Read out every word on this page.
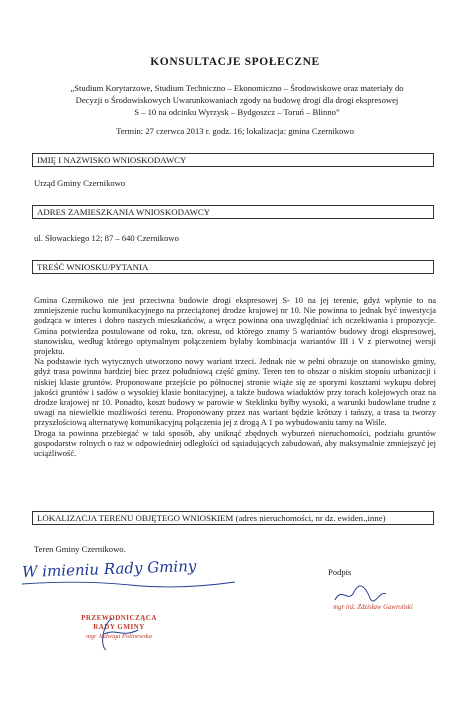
KONSULTACJE SPOŁECZNE
„Studium Korytarzowe, Studium Techniczno – Ekonomiczno – Środowiskowe oraz materiały do
Decyzji o Środowiskowych Uwarunkowaniach zgody na budowę drogi dla drogi ekspresowej
S – 10 na odcinku Wyrzysk – Bydgoszcz – Toruń – Blinno”
Termin: 27 czerwca 2013 r. godz. 16; lokalizacja: gmina Czernikowo
IMIĘ I NAZWISKO WNIOSKODAWCY
Urząd Gminy Czernikowo
ADRES ZAMIESZKANIA WNIOSKODAWCY
ul. Słowackiego 12; 87 – 640 Czernikowo
TREŚĆ WNIOSKU/PYTANIA

Gmina Czernikowo nie jest przeciwna budowie drogi ekspresowej S- 10 na jej terenie, gdyż wpłynie to na zmniejszenie ruchu komunikacyjnego na przeciążonej drodze krajowej nr 10. Nie powinna to jednak być inwestycja godząca w interes i dobro naszych mieszkańców, a wręcz powinna ona uwzględniać ich oczekiwania i propozycje. Gmina potwierdza postulowane od roku, tzn. okresu, od którego znamy 5 wariantów budowy drogi ekspresowej, stanowisku, według którego optymalnym połączeniem byłaby kombinacja wariantów III i V z pierwotnej wersji projektu.

Na podstawie tych wytycznych utworzono nowy wariant trzeci. Jednak nie w pełni obrazuje on stanowisko gminy, gdyż trasa powinna bardziej biec przez południową część gminy. Teren ten to obszar o niskim stopniu urbanizacji i niskiej klasie gruntów. Proponowane przejście po północnej stronie wiąże się ze sporymi kosztami wykupu dobrej jakości gruntów i sadów o wysokiej klasie bonitacyjnej, a także budowa wiaduktów przy torach kolejowych oraz na drodze krajowej nr 10. Ponadto, koszt budowy w parowie w Steklinku byłby wysoki, a warunki budowlane trudne z uwagi na niewielkie możliwości terenu. Proponowany przez nas wariant będzie krótszy i tańszy, a trasa ta tworzy przyszłościową alternatywę komunikacyjną połączenia jej z drogą A 1 po wybudowaniu tamy na Wiśle.

Droga ta powinna przebiegać w taki sposób, aby uniknąć zbędnych wyburzeń nieruchomości, podziału gruntów gospodarstw rolnych o raz w odpowiedniej odległości od sąsiadujących zabudowań, aby maksymalnie zmniejszyć jej uciążliwość.

LOKALIZACJA TERENU OBJĘTEGO WNIOSKIEM (adres nieruchomości, nr dz. ewiden.,inne)
Teren Gminy Czernikowo.
W imieniu Rady Gminy	Podpis
mgr inż. Zdzisław Gawroński
PRZEWODNICZĄCA
RADY GMINY
mgr Jadwiga Polinewska
